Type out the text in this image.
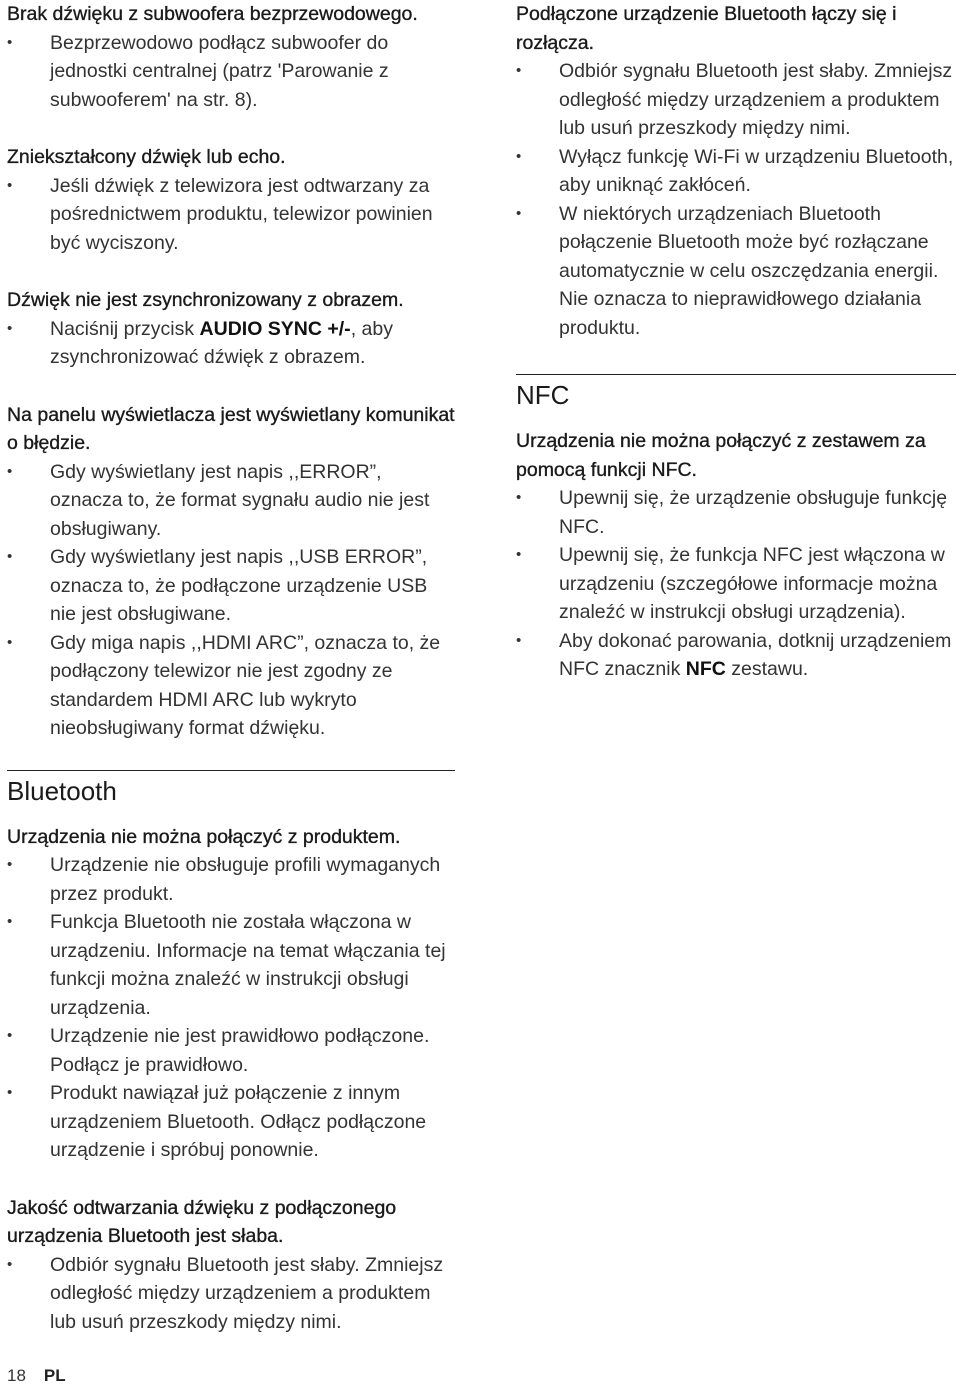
Brak dźwięku z subwoofera bezprzewodowego.

• Bezprzewodowo podłącz subwoofer do jednostki centralnej (patrz 'Parowanie z subwooferem' na str. 8).

Zniekształcony dźwięk lub echo.

• Jeśli dźwięk z telewizora jest odtwarzany za pośrednictwem produktu, telewizor powinien być wyciszony.

Dźwięk nie jest zsynchronizowany z obrazem.

• Naciśnij przycisk AUDIO SYNC +/-, aby zsynchronizować dźwięk z obrazem.

Na panelu wyświetlacza jest wyświetlany komunikat o błędzie.

• Gdy wyświetlany jest napis ,,ERROR”, oznacza to, że format sygnału audio nie jest obsługiwany.
• Gdy wyświetlany jest napis ,,USB ERROR”, oznacza to, że podłączone urządzenie USB nie jest obsługiwane.
• Gdy miga napis ,,HDMI ARC”, oznacza to, że podłączony telewizor nie jest zgodny ze standardem HDMI ARC lub wykryto nieobsługiwany format dźwięku.
Bluetooth

Urządzenia nie można połączyć z produktem.

• Urządzenie nie obsługuje profili wymaganych przez produkt.
• Funkcja Bluetooth nie została włączona w urządzeniu. Informacje na temat włączania tej funkcji można znaleźć w instrukcji obsługi urządzenia.
• Urządzenie nie jest prawidłowo podłączone. Podłącz je prawidłowo.
• Produkt nawiązał już połączenie z innym urządzeniem Bluetooth. Odłącz podłączone urządzenie i spróbuj ponownie.

Jakość odtwarzania dźwięku z podłączonego urządzenia Bluetooth jest słaba.

• Odbiór sygnału Bluetooth jest słaby. Zmniejsz odległość między urządzeniem a produktem lub usuń przeszkody między nimi.

Podłączone urządzenie Bluetooth łączy się i rozłącza.

• Odbiór sygnału Bluetooth jest słaby. Zmniejsz odległość między urządzeniem a produktem lub usuń przeszkody między nimi.
• Wyłącz funkcję Wi-Fi w urządzeniu Bluetooth, aby uniknąć zakłóceń.
• W niektórych urządzeniach Bluetooth połączenie Bluetooth może być rozłączane automatycznie w celu oszczędzania energii. Nie oznacza to nieprawidłowego działania produktu.
NFC

Urządzenia nie można połączyć z zestawem za pomocą funkcji NFC.

• Upewnij się, że urządzenie obsługuje funkcję NFC.
• Upewnij się, że funkcja NFC jest włączona w urządzeniu (szczegółowe informacje można znaleźć w instrukcji obsługi urządzenia).
• Aby dokonać parowania, dotknij urządzeniem NFC znacznik NFC zestawu.
18 PL
